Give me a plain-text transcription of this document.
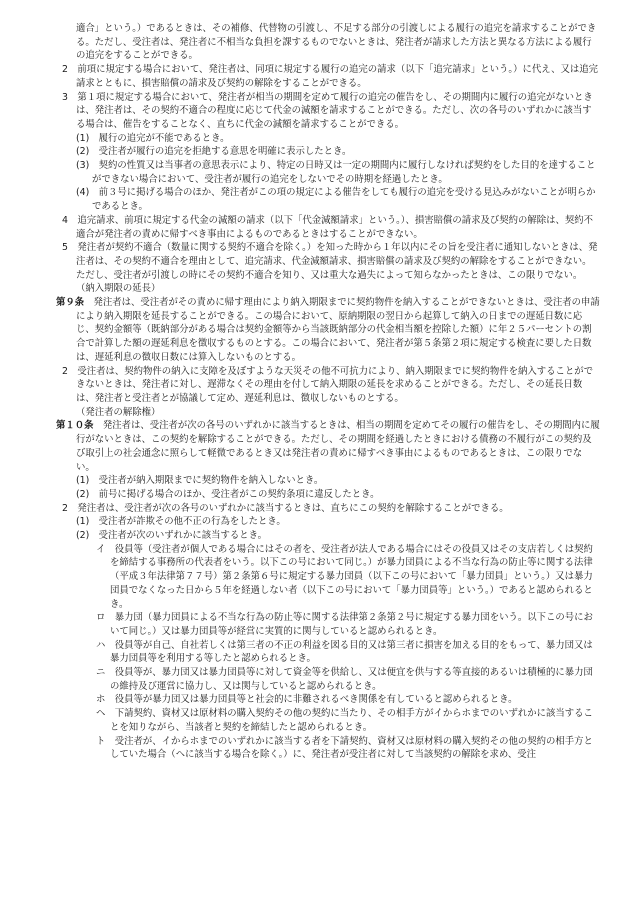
適合」という。）であるときは、その補修、代替物の引渡し、不足する部分の引渡しによる履行の追完を請求することができる。ただし、受注者は、発注者に不相当な負担を課するものでないときは、発注者が請求した方法と異なる方法による履行の追完をすることができる。

2　前項に規定する場合において、発注者は、同項に規定する履行の追完の請求（以下「追完請求」という。）に代え、又は追完請求とともに、損害賠償の請求及び契約の解除をすることができる。

3　第１項に規定する場合において、発注者が相当の期間を定めて履行の追完の催告をし、その期間内に履行の追完がないときは、発注者は、その契約不適合の程度に応じて代金の減額を請求することができる。ただし、次の各号のいずれかに該当する場合は、催告をすることなく、直ちに代金の減額を請求することができる。

(1)　履行の追完が不能であるとき。

(2)　受注者が履行の追完を拒絶する意思を明確に表示したとき。

(3)　契約の性質又は当事者の意思表示により、特定の日時又は一定の期間内に履行しなければ契約をした目的を達することができない場合において、受注者が履行の追完をしないでその時期を経過したとき。

(4)　前３号に掲げる場合のほか、発注者がこの項の規定による催告をしても履行の追完を受ける見込みがないことが明らかであるとき。

4　追完請求、前項に規定する代金の減額の請求（以下「代金減額請求」という。）、損害賠償の請求及び契約の解除は、契約不適合が発注者の責めに帰すべき事由によるものであるときはすることができない。

5　発注者が契約不適合（数量に関する契約不適合を除く。）を知った時から１年以内にその旨を受注者に通知しないときは、発注者は、その契約不適合を理由として、追完請求、代金減額請求、損害賠償の請求及び契約の解除をすることができない。ただし、受注者が引渡しの時にその契約不適合を知り、又は重大な過失によって知らなかったときは、この限りでない。

（納入期限の延長）

第９条　発注者は、受注者がその責めに帰す理由により納入期限までに契約物件を納入することができないときは、受注者の申請により納入期限を延長することができる。この場合において、原納期限の翌日から起算して納入の日までの遅延日数に応じ、契約金額等（既納部分がある場合は契約金額等から当該既納部分の代金相当額を控除した額）に年２５パーセントの割合で計算した額の遅延利息を徴収するものとする。この場合において、発注者が第５条第２項に規定する検査に要した日数は、遅延利息の徴収日数には算入しないものとする。

2　受注者は、契約物件の納入に支障を及ぼすような天災その他不可抗力により、納入期限までに契約物件を納入することができないときは、発注者に対し、遅滞なくその理由を付して納入期限の延長を求めることができる。ただし、その延長日数は、発注者と受注者とが協議して定め、遅延利息は、徴収しないものとする。

（発注者の解除権）

第１０条　発注者は、受注者が次の各号のいずれかに該当するときは、相当の期間を定めてその履行の催告をし、その期間内に履行がないときは、この契約を解除することができる。ただし、その期間を経過したときにおける債務の不履行がこの契約及び取引上の社会通念に照らして軽微であるとき又は発注者の責めに帰すべき事由によるものであるときは、この限りでない。

(1)　受注者が納入期限までに契約物件を納入しないとき。

(2)　前号に掲げる場合のほか、受注者がこの契約条項に違反したとき。

2　発注者は、受注者が次の各号のいずれかに該当するときは、直ちにこの契約を解除することができる。

(1)　受注者が詐欺その他不正の行為をしたとき。

(2)　受注者が次のいずれかに該当するとき。

イ　役員等（受注者が個人である場合にはその者を、受注者が法人である場合にはその役員又はその支店若しくは契約を締結する事務所の代表者をいう。以下この号において同じ。）が暴力団員による不当な行為の防止等に関する法律（平成３年法律第７７号）第２条第６号に規定する暴力団員（以下この号において「暴力団員」という。）又は暴力団員でなくなった日から５年を経過しない者（以下この号において「暴力団員等」という。）であると認められるとき。

ロ　暴力団（暴力団員による不当な行為の防止等に関する法律第２条第２号に規定する暴力団をいう。以下この号において同じ。）又は暴力団員等が経営に実質的に関与していると認められるとき。

ハ　役員等が自己、自社若しくは第三者の不正の利益を図る目的又は第三者に損害を加える目的をもって、暴力団又は暴力団員等を利用する等したと認められるとき。

ニ　役員等が、暴力団又は暴力団員等に対して資金等を供給し、又は便宜を供与する等直接的あるいは積極的に暴力団の維持及び運営に協力し、又は関与していると認められるとき。

ホ　役員等が暴力団又は暴力団員等と社会的に非難されるべき関係を有していると認められるとき。

ヘ　下請契約、資材又は原材料の購入契約その他の契約に当たり、その相手方がイからホまでのいずれかに該当することを知りながら、当該者と契約を締結したと認められるとき。

ト　受注者が、イからホまでのいずれかに該当する者を下請契約、資材又は原材料の購入契約その他の契約の相手方としていた場合（ヘに該当する場合を除く。）に、発注者が受注者に対して当該契約の解除を求め、受注
